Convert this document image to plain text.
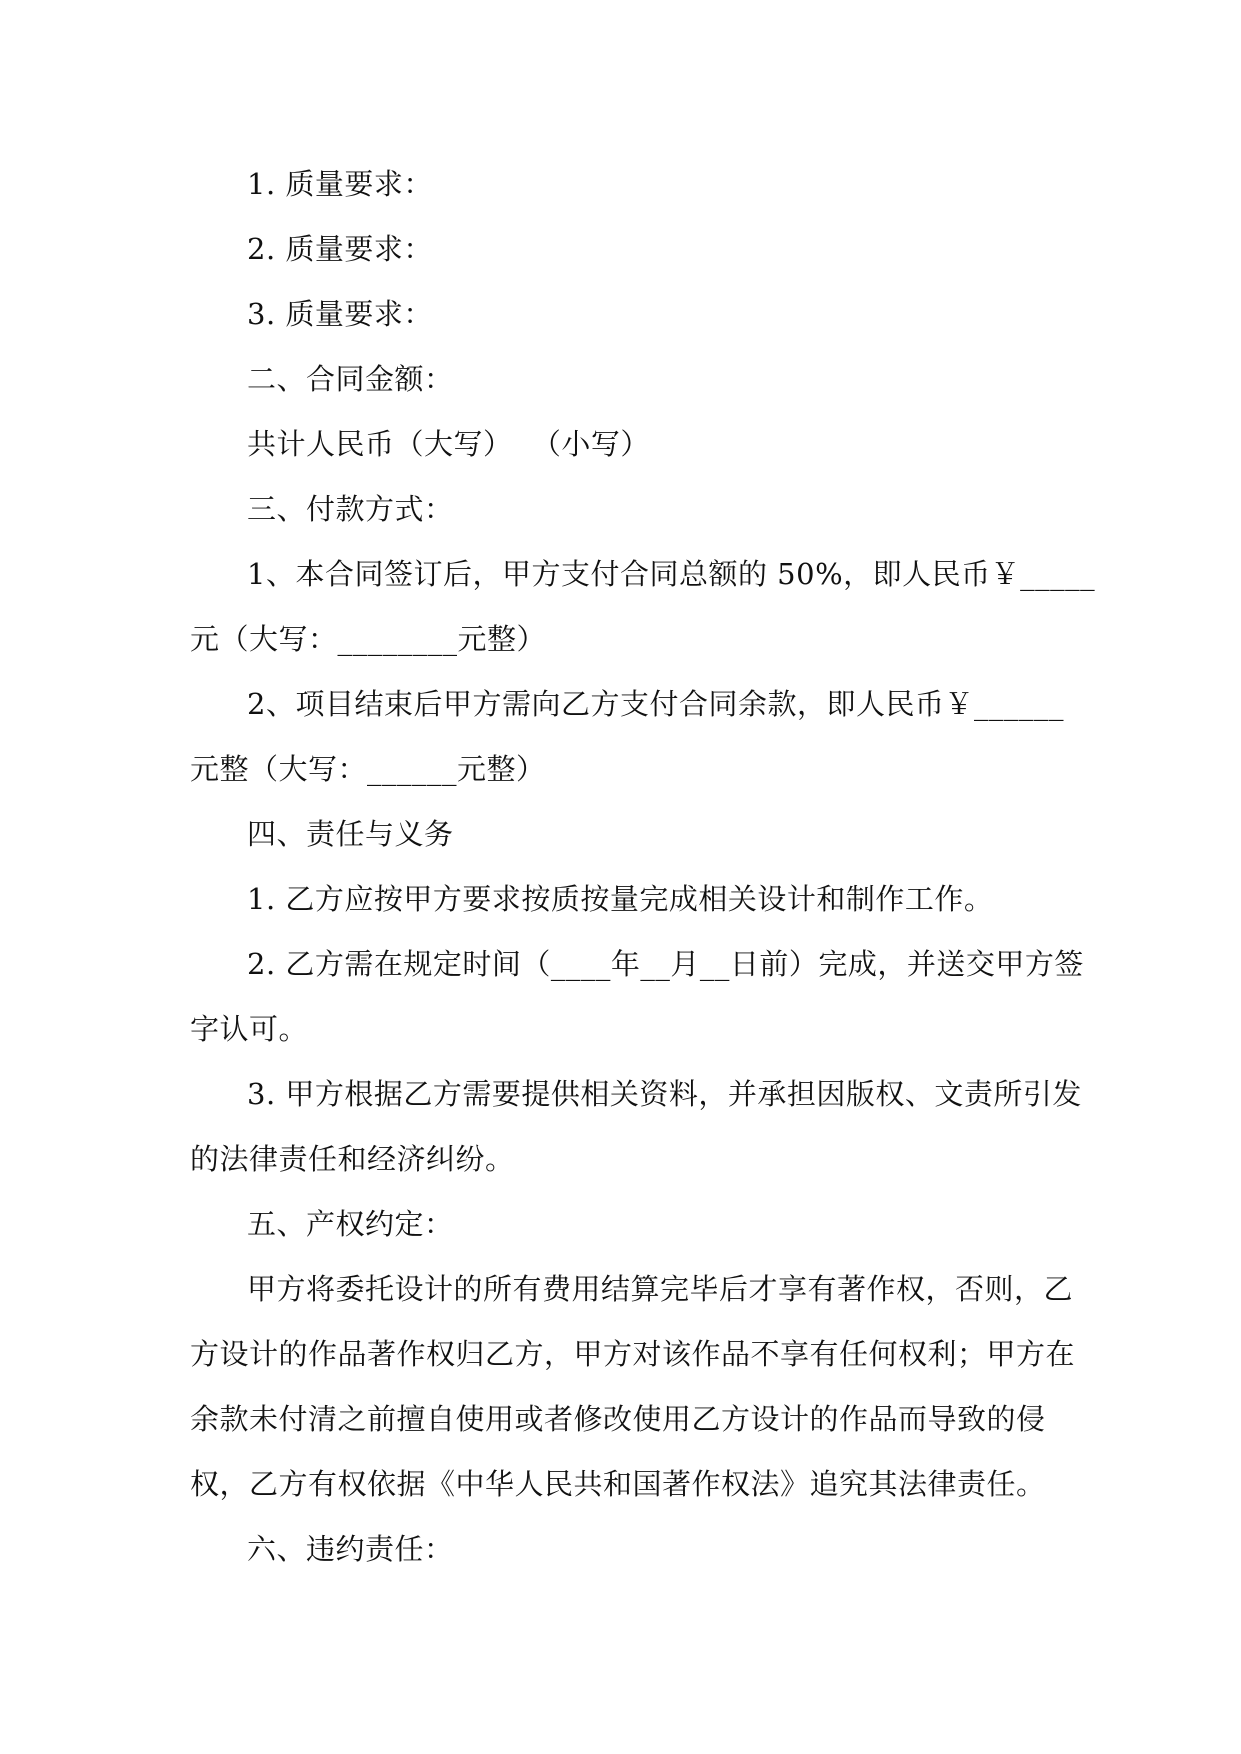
1. 质量要求：

2. 质量要求：

3. 质量要求：

二、合同金额：

共计人民币（大写）  （小写）

三、付款方式：

1、本合同签订后，甲方支付合同总额的 50%，即人民币￥_____

元（大写：________元整）

2、项目结束后甲方需向乙方支付合同余款，即人民币￥______

元整（大写：______元整）

四、责任与义务

1. 乙方应按甲方要求按质按量完成相关设计和制作工作。

2. 乙方需在规定时间（____年__月__日前）完成，并送交甲方签

字认可。

3. 甲方根据乙方需要提供相关资料，并承担因版权、文责所引发

的法律责任和经济纠纷。

五、产权约定：

甲方将委托设计的所有费用结算完毕后才享有著作权，否则，乙

方设计的作品著作权归乙方，甲方对该作品不享有任何权利；甲方在

余款未付清之前擅自使用或者修改使用乙方设计的作品而导致的侵

权，乙方有权依据《中华人民共和国著作权法》追究其法律责任。

六、违约责任：
